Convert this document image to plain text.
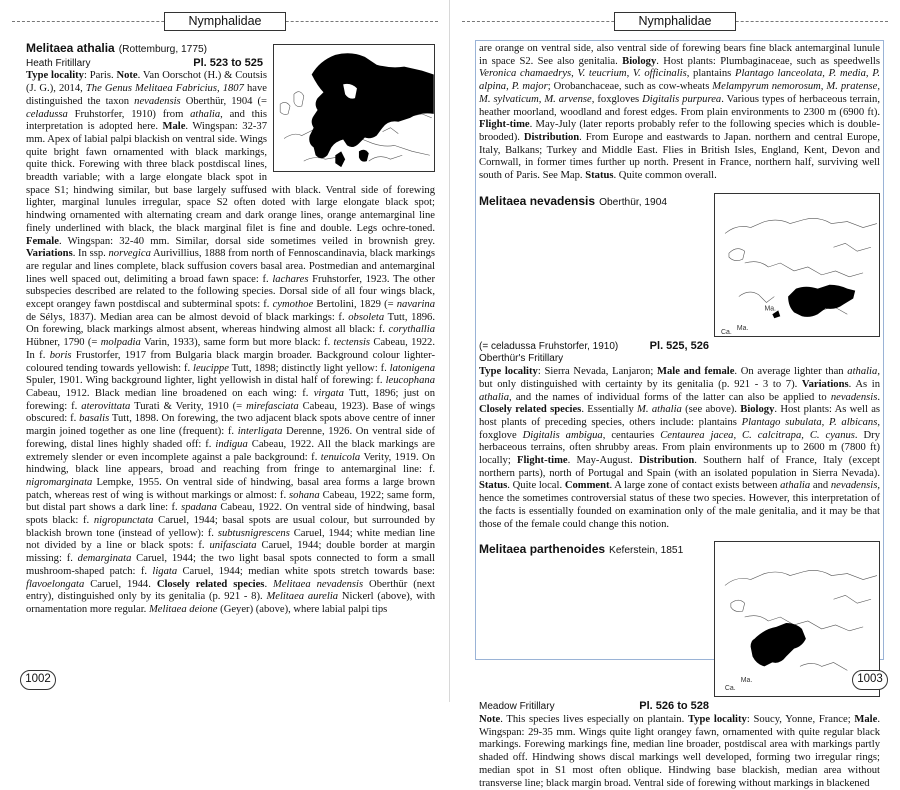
Nymphalidae
Melitaea athalia (Rottemburg, 1775)
Heath Fritillary	Pl. 523 to 525

Type locality: Paris. Note. Van Oorschot (H.) & Coutsis (J. G.), 2014, The Genus Melitaea Fabricius, 1807 have distinguished the taxon nevadensis Oberthür, 1904 (= celadussa Fruhstorfer, 1910) from athalia, and this interpretation is adopted here. Male. Wingspan: 32-37 mm. Apex of labial palpi blackish on ventral side. Wings quite bright fawn ornamented with black markings, quite thick. Forewing with three black postdiscal lines, breadth variable; with a large elongate black spot in space S1; hindwing similar, but base largely suffused with black. Ventral side of forewing lighter, marginal lunules irregular, space S2 often doted with large elongate black spot; hindwing ornamented with alternating cream and dark orange lines, orange antemarginal line finely underlined with black, the black marginal filet is fine and double. Legs ochre-toned. Female. Wingspan: 32-40 mm. Similar, dorsal side sometimes veiled in brownish grey. Variations. In ssp. norvegica Aurivillius, 1888 from north of Fennoscandinavia, black markings are regular and lines complete, black suffusion covers basal area. Postmedian and antemarginal lines well spaced out, delimiting a broad fawn space: f. lachares Fruhstorfer, 1923. The other subspecies described are related to the following species. Dorsal side of all four wings black, except orangey fawn postdiscal and subterminal spots: f. cymothoe Bertolini, 1829 (= navarina de Sélys, 1837). Median area can be almost devoid of black markings: f. obsoleta Tutt, 1896. On forewing, black markings almost absent, whereas hindwing almost all black: f. corythallia Hübner, 1790 (= molpadia Varin, 1933), same form but more black: f. tectensis Cabeau, 1922. In f. boris Frustorfer, 1917 from Bulgaria black margin broader. Background colour lighter-coloured tending towards yellowish: f. leucippe Tutt, 1898; distinctly light yellow: f. latonigena Spuler, 1901. Wing background lighter, light yellowish in distal half of forewing: f. leucophana Cabeau, 1912. Black median line broadened on each wing: f. virgata Tutt, 1896; just on forewing: f. aterovittata Turati & Verity, 1910 (= mirefasciata Cabeau, 1923). Base of wings obscured: f. basalis Tutt, 1898. On forewing, the two adjacent black spots above centre of inner margin joined together as one line (frequent): f. interligata Derenne, 1926. On ventral side of forewing, distal lines highly shaded off: f. indigua Cabeau, 1922. All the black markings are extremely slender or even incomplete against a pale background: f. tenuicola Verity, 1919. On hindwing, black line appears, broad and reaching from fringe to antemarginal line: f. nigromarginata Lempke, 1955. On ventral side of hindwing, basal area forms a large brown patch, whereas rest of wing is without markings or almost: f. sohana Cabeau, 1922; same form, but distal part shows a dark line: f. spadana Cabeau, 1922. On ventral side of hindwing, basal spots black: f. nigropunctata Caruel, 1944; basal spots are usual colour, but surrounded by blackish brown tone (instead of yellow): f. subtusnigrescens Caruel, 1944; white median line not divided by a line or black spots: f. unifasciata Caruel, 1944; double border at margin missing: f. demarginata Caruel, 1944; the two light basal spots connected to form a small mushroom-shaped patch: f. ligata Caruel, 1944; median white spots stretch towards base: flavoelongata Caruel, 1944. Closely related species. Melitaea nevadensis Oberthür (next entry), distinguished only by its genitalia (p. 921 - 8). Melitaea aurelia Nickerl (above), with ornamentation more regular. Melitaea deione (Geyer) (above), where labial palpi tips

1002
Nymphalidae

are orange on ventral side, also ventral side of forewing bears fine black antemarginal lunule in space S2. See also genitalia. Biology. Host plants: Plumbaginaceae, such as speedwells Veronica chamaedrys, V. teucrium, V. officinalis, plantains Plantago lanceolata, P. media, P. alpina, P. major; Orobanchaceae, such as cow-wheats Melampyrum nemorosum, M. pratense, M. sylvaticum, M. arvense, foxgloves Digitalis purpurea. Various types of herbaceous terrain, heather moorland, woodland and forest edges. From plain environments to 2300 m (6900 ft). Flight-time. May-July (later reports probably refer to the following species which is double-brooded). Distribution. From Europe and eastwards to Japan. northern and central Europe, Italy, Balkans; Turkey and Middle East. Flies in British Isles, England, Kent, Devon and Cornwall, in former times further up north. Present in France, northern half, surviving well south of Paris. See Map. Status. Quite common overall.

Ma.
Ma.
Ca.
Melitaea nevadensis Oberthür, 1904
(= celadussa Fruhstorfer, 1910)	Pl. 525, 526
Oberthür's Fritillary

Type locality: Sierra Nevada, Lanjaron; Male and female. On average lighter than athalia, but only distinguished with certainty by its genitalia (p. 921 - 3 to 7). Variations. As in athalia, and the names of individual forms of the latter can also be applied to nevadensis. Closely related species. Essentially M. athalia (see above). Biology. Host plants: As well as host plants of preceding species, others include: plantains Plantago subulata, P. albicans, foxglove Digitalis ambigua, centauries Centaurea jacea, C. calcitrapa, C. cyanus. Dry herbaceous terrains, often shrubby areas. From plain environments up to 2600 m (7800 ft) locally; Flight-time. May-August. Distribution. Southern half of France, Italy (except northern parts), north of Portugal and Spain (with an isolated population in Sierra Nevada). Status. Quite local. Comment. A large zone of contact exists between athalia and nevadensis, hence the sometimes controversial status of these two species. However, this interpretation of the facts is essentially founded on examination only of the male genitalia, and it may be that those of the female could change this notion.

Ma.
Ca.
Melitaea parthenoides Keferstein, 1851
Meadow Fritillary	Pl. 526 to 528

Note. This species lives especially on plantain. Type locality: Soucy, Yonne, France; Male. Wingspan: 29-35 mm. Wings quite light orangey fawn, ornamented with quite regular black markings. Forewing markings fine, median line broader, postdiscal area with markings partly shaded off. Hindwing shows discal markings well developed, forming two irregular rings; median spot in S1 most often oblique. Hindwing base blackish, median area without transverse line; black margin broad. Ventral side of forewing without markings in blackened

1003
